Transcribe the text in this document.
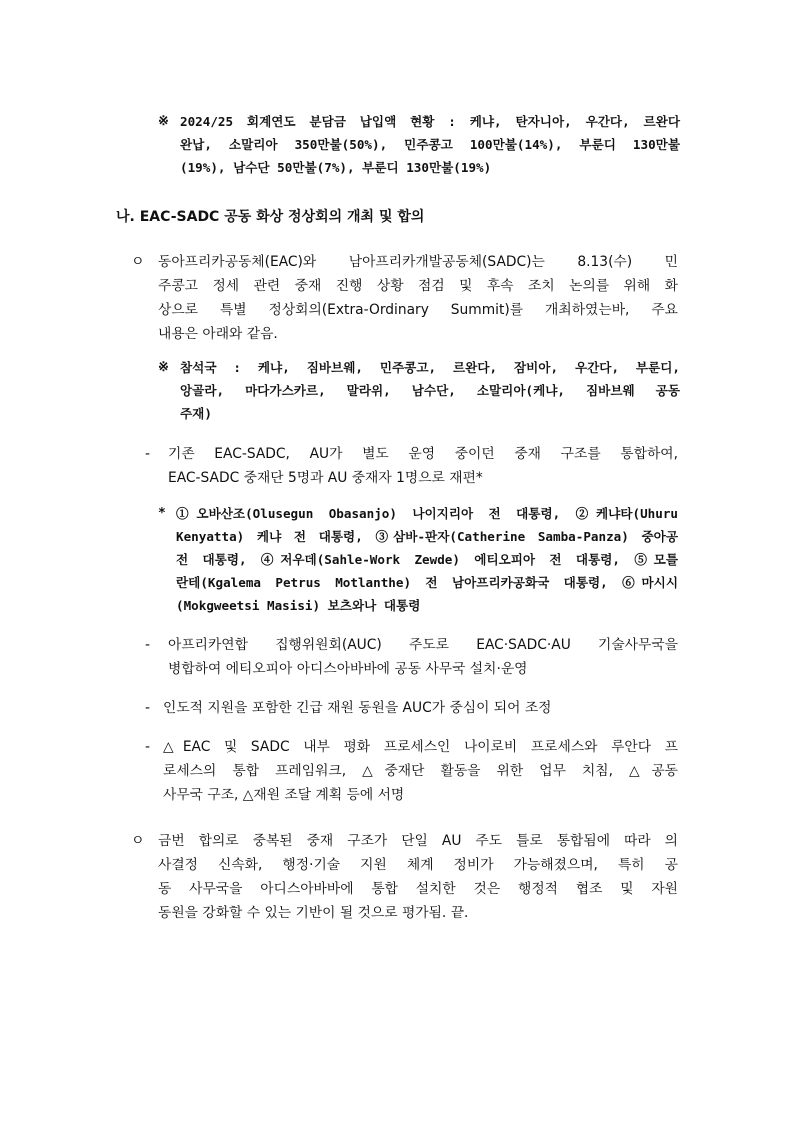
※ 2024/25 회계연도 분담금 납입액 현황 : 케냐, 탄자니아, 우간다, 르완다
완납, 소말리아 350만불(50%), 민주콩고 100만불(14%), 부룬디 130만불
(19%), 남수단 50만불(7%), 부룬디 130만불(19%)
나. EAC-SADC 공동 화상 정상회의 개최 및 합의
ㅇ 동아프리카공동체(EAC)와 남아프리카개발공동체(SADC)는 8.13(수) 민
주콩고 정세 관련 중재 진행 상황 점검 및 후속 조치 논의를 위해 화
상으로 특별 정상회의(Extra-Ordinary Summit)를 개최하였는바, 주요
내용은 아래와 같음.
※ 참석국 : 케냐, 짐바브웨, 민주콩고, 르완다, 잠비아, 우간다, 부룬디,
앙골라, 마다가스카르, 말라위, 남수단, 소말리아(케냐, 짐바브웨 공동
주재)
- 기존 EAC-SADC, AU가 별도 운영 중이던 중재 구조를 통합하여,
EAC-SADC 중재단 5명과 AU 중재자 1명으로 재편*
* ①오바산조(Olusegun Obasanjo) 나이지리아 전 대통령, ②케냐타(Uhuru
Kenyatta) 케냐 전 대통령, ③삼바-판자(Catherine Samba-Panza) 중아공
전 대통령, ④저우데(Sahle-Work Zewde) 에티오피아 전 대통령, ⑤모틀
란테(Kgalema Petrus Motlanthe) 전 남아프리카공화국 대통령, ⑥마시시
(Mokgweetsi Masisi) 보츠와나 대통령
- 아프리카연합 집행위원회(AUC) 주도로 EAC·SADC·AU 기술사무국을
병합하여 에티오피아 아디스아바바에 공동 사무국 설치·운영
- 인도적 지원을 포함한 긴급 재원 동원을 AUC가 중심이 되어 조정
- △EAC 및 SADC 내부 평화 프로세스인 나이로비 프로세스와 루안다 프
로세스의 통합 프레임워크, △중재단 활동을 위한 업무 치침, △공동
사무국 구조, △재원 조달 계획 등에 서명
ㅇ 금번 합의로 중복된 중재 구조가 단일 AU 주도 틀로 통합됨에 따라 의
사결정 신속화, 행정·기술 지원 체계 정비가 가능해졌으며, 특히 공
동 사무국을 아디스아바바에 통합 설치한 것은 행정적 협조 및 자원
동원을 강화할 수 있는 기반이 될 것으로 평가됨. 끝.
